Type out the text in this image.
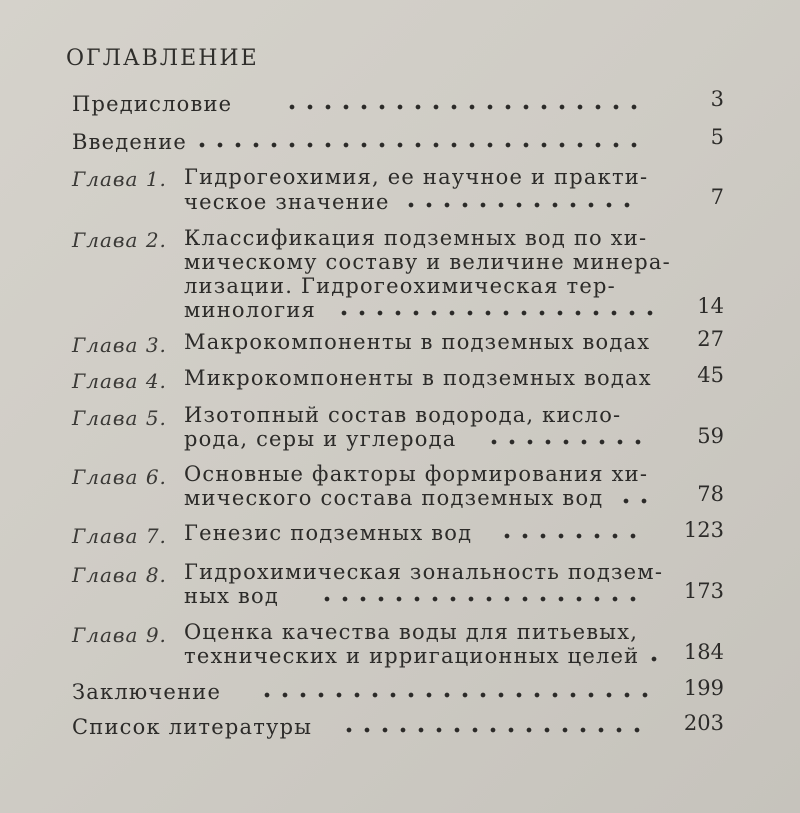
ОГЛАВЛЕНИЕ
Предисловие	3
Введение	5
Глава 1. Гидрогеохимия, ее научное и практи-
ческое значение	7
Глава 2. Классификация подземных вод по хи-
мическому составу и величине минера-
лизации. Гидрогеохимическая тер-
минология	14
Глава 3. Макрокомпоненты в подземных водах 27
Глава 4. Микрокомпоненты в подземных водах 45
Глава 5. Изотопный состав водорода, кисло-
рода, серы и углерода	59
Глава 6. Основные факторы формирования хи-
мического состава подземных вод	78
Глава 7. Генезис подземных вод	123
Глава 8. Гидрохимическая зональность подзем-
ных вод	173
Глава 9. Оценка качества воды для питьевых,
технических и ирригационных целей 184
Заключение	199
Список литературы	203
